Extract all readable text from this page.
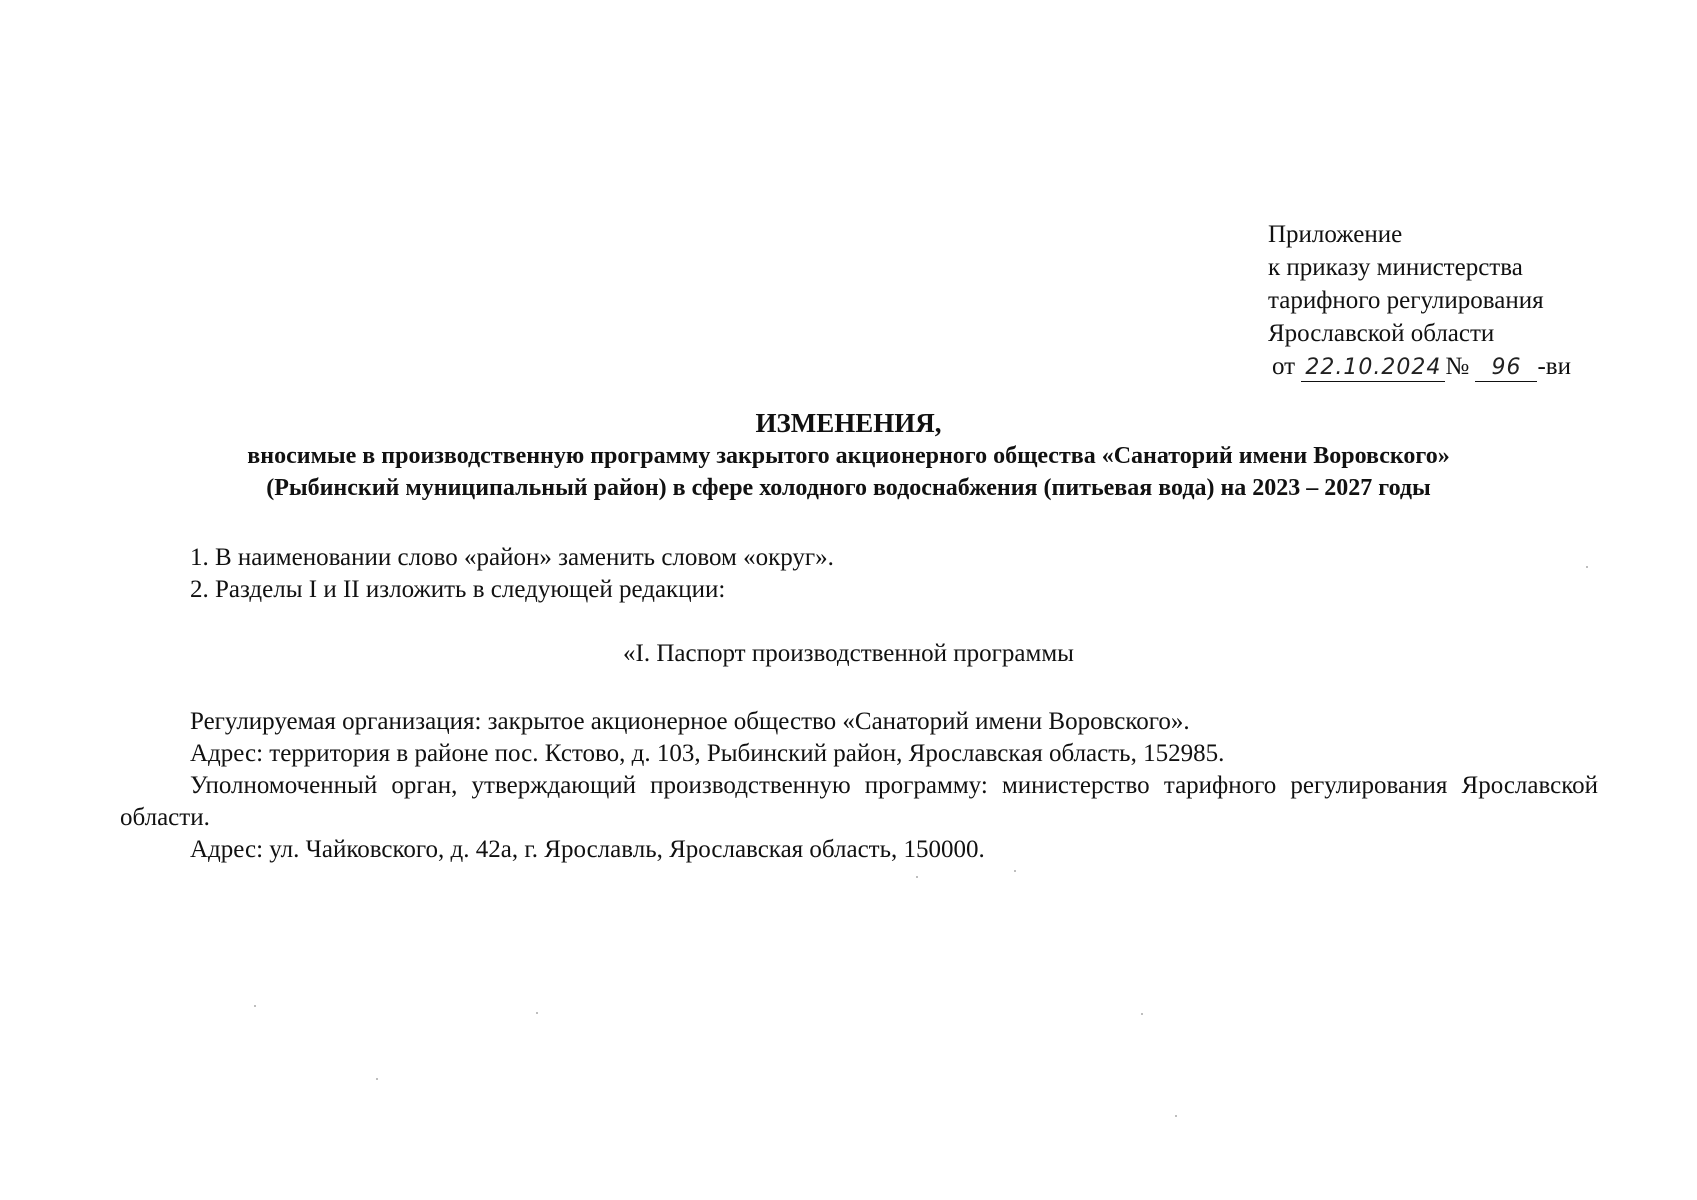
Приложение
к приказу министерства
тарифного регулирования
Ярославской области
от 22.10.2024 № 96 -ви
ИЗМЕНЕНИЯ,
вносимые в производственную программу закрытого акционерного общества «Санаторий имени Воровского»
(Рыбинский муниципальный район) в сфере холодного водоснабжения (питьевая вода) на 2023 – 2027 годы
1. В наименовании слово «район» заменить словом «округ».
2. Разделы I и II изложить в следующей редакции:
«I. Паспорт производственной программы
Регулируемая организация: закрытое акционерное общество «Санаторий имени Воровского».
Адрес: территория в районе пос. Кстово, д. 103, Рыбинский район, Ярославская область, 152985.
Уполномоченный орган, утверждающий производственную программу: министерство тарифного регулирования Ярославской области.
Адрес: ул. Чайковского, д. 42а, г. Ярославль, Ярославская область, 150000.
